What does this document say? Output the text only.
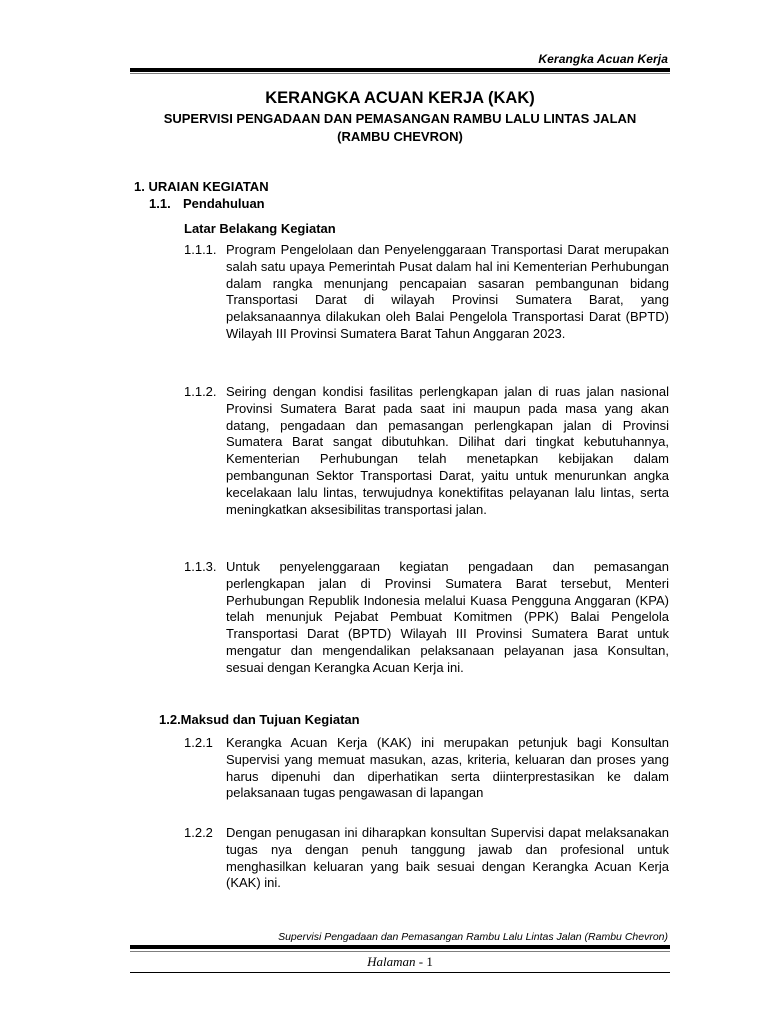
Kerangka Acuan Kerja
KERANGKA ACUAN KERJA (KAK)
SUPERVISI PENGADAAN DAN PEMASANGAN RAMBU LALU LINTAS JALAN
(RAMBU CHEVRON)
1. URAIAN KEGIATAN
1.1. Pendahuluan
Latar Belakang Kegiatan
1.1.1. Program Pengelolaan dan Penyelenggaraan Transportasi Darat merupakan salah satu upaya Pemerintah Pusat dalam hal ini Kementerian Perhubungan dalam rangka menunjang pencapaian sasaran pembangunan bidang Transportasi Darat di wilayah Provinsi Sumatera Barat, yang pelaksanaannya dilakukan oleh Balai Pengelola Transportasi Darat (BPTD) Wilayah III Provinsi Sumatera Barat Tahun Anggaran 2023.
1.1.2. Seiring dengan kondisi fasilitas perlengkapan jalan di ruas jalan nasional Provinsi Sumatera Barat pada saat ini maupun pada masa yang akan datang, pengadaan dan pemasangan perlengkapan jalan di Provinsi Sumatera Barat sangat dibutuhkan. Dilihat dari tingkat kebutuhannya, Kementerian Perhubungan telah menetapkan kebijakan dalam pembangunan Sektor Transportasi Darat, yaitu untuk menurunkan angka kecelakaan lalu lintas, terwujudnya konektifitas pelayanan lalu lintas, serta meningkatkan aksesibilitas transportasi jalan.
1.1.3. Untuk penyelenggaraan kegiatan pengadaan dan pemasangan perlengkapan jalan di Provinsi Sumatera Barat tersebut, Menteri Perhubungan Republik Indonesia melalui Kuasa Pengguna Anggaran (KPA) telah menunjuk Pejabat Pembuat Komitmen (PPK) Balai Pengelola Transportasi Darat (BPTD) Wilayah III Provinsi Sumatera Barat untuk mengatur dan mengendalikan pelaksanaan pelayanan jasa Konsultan, sesuai dengan Kerangka Acuan Kerja ini.
1.2.Maksud dan Tujuan Kegiatan
1.2.1 Kerangka Acuan Kerja (KAK) ini merupakan petunjuk bagi Konsultan Supervisi yang memuat masukan, azas, kriteria, keluaran dan proses yang harus dipenuhi dan diperhatikan serta diinterprestasikan ke dalam pelaksanaan tugas pengawasan di lapangan
1.2.2 Dengan penugasan ini diharapkan konsultan Supervisi dapat melaksanakan tugas nya dengan penuh tanggung jawab dan profesional untuk menghasilkan keluaran yang baik sesuai dengan Kerangka Acuan Kerja (KAK) ini.
Supervisi Pengadaan dan Pemasangan Rambu Lalu Lintas Jalan (Rambu Chevron)
Halaman - 1
